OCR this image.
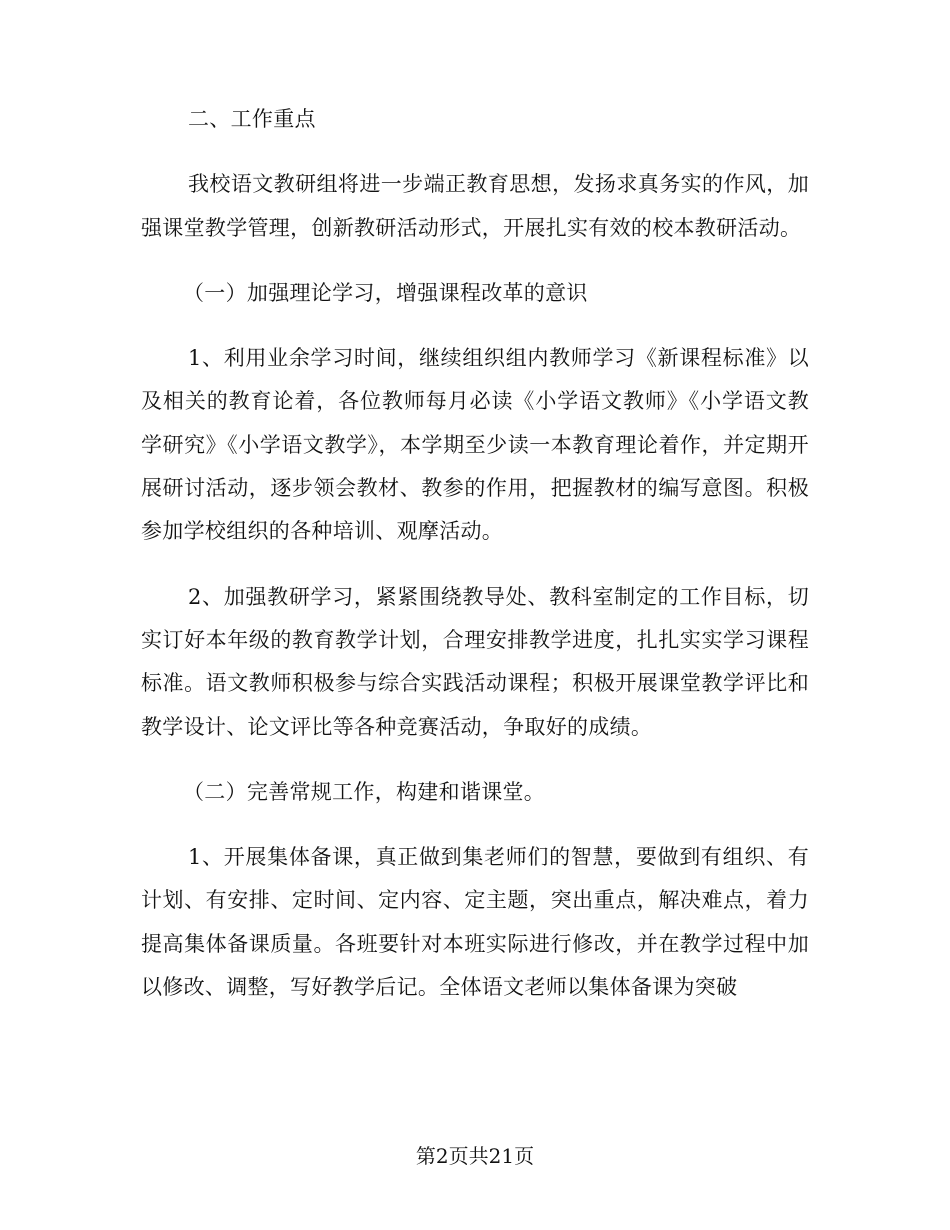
二、工作重点

我校语文教研组将进一步端正教育思想，发扬求真务实的作风，加强课堂教学管理，创新教研活动形式，开展扎实有效的校本教研活动。

（一）加强理论学习，增强课程改革的意识

1、利用业余学习时间，继续组织组内教师学习《新课程标准》以及相关的教育论着，各位教师每月必读《小学语文教师》《小学语文教学研究》《小学语文教学》，本学期至少读一本教育理论着作，并定期开展研讨活动，逐步领会教材、教参的作用，把握教材的编写意图。积极参加学校组织的各种培训、观摩活动。

2、加强教研学习，紧紧围绕教导处、教科室制定的工作目标，切实订好本年级的教育教学计划，合理安排教学进度，扎扎实实学习课程标准。语文教师积极参与综合实践活动课程；积极开展课堂教学评比和教学设计、论文评比等各种竞赛活动，争取好的成绩。

（二）完善常规工作，构建和谐课堂。

1、开展集体备课，真正做到集老师们的智慧，要做到有组织、有计划、有安排、定时间、定内容、定主题，突出重点，解决难点，着力提高集体备课质量。各班要针对本班实际进行修改，并在教学过程中加以修改、调整，写好教学后记。全体语文老师以集体备课为突破

第2页共21页
